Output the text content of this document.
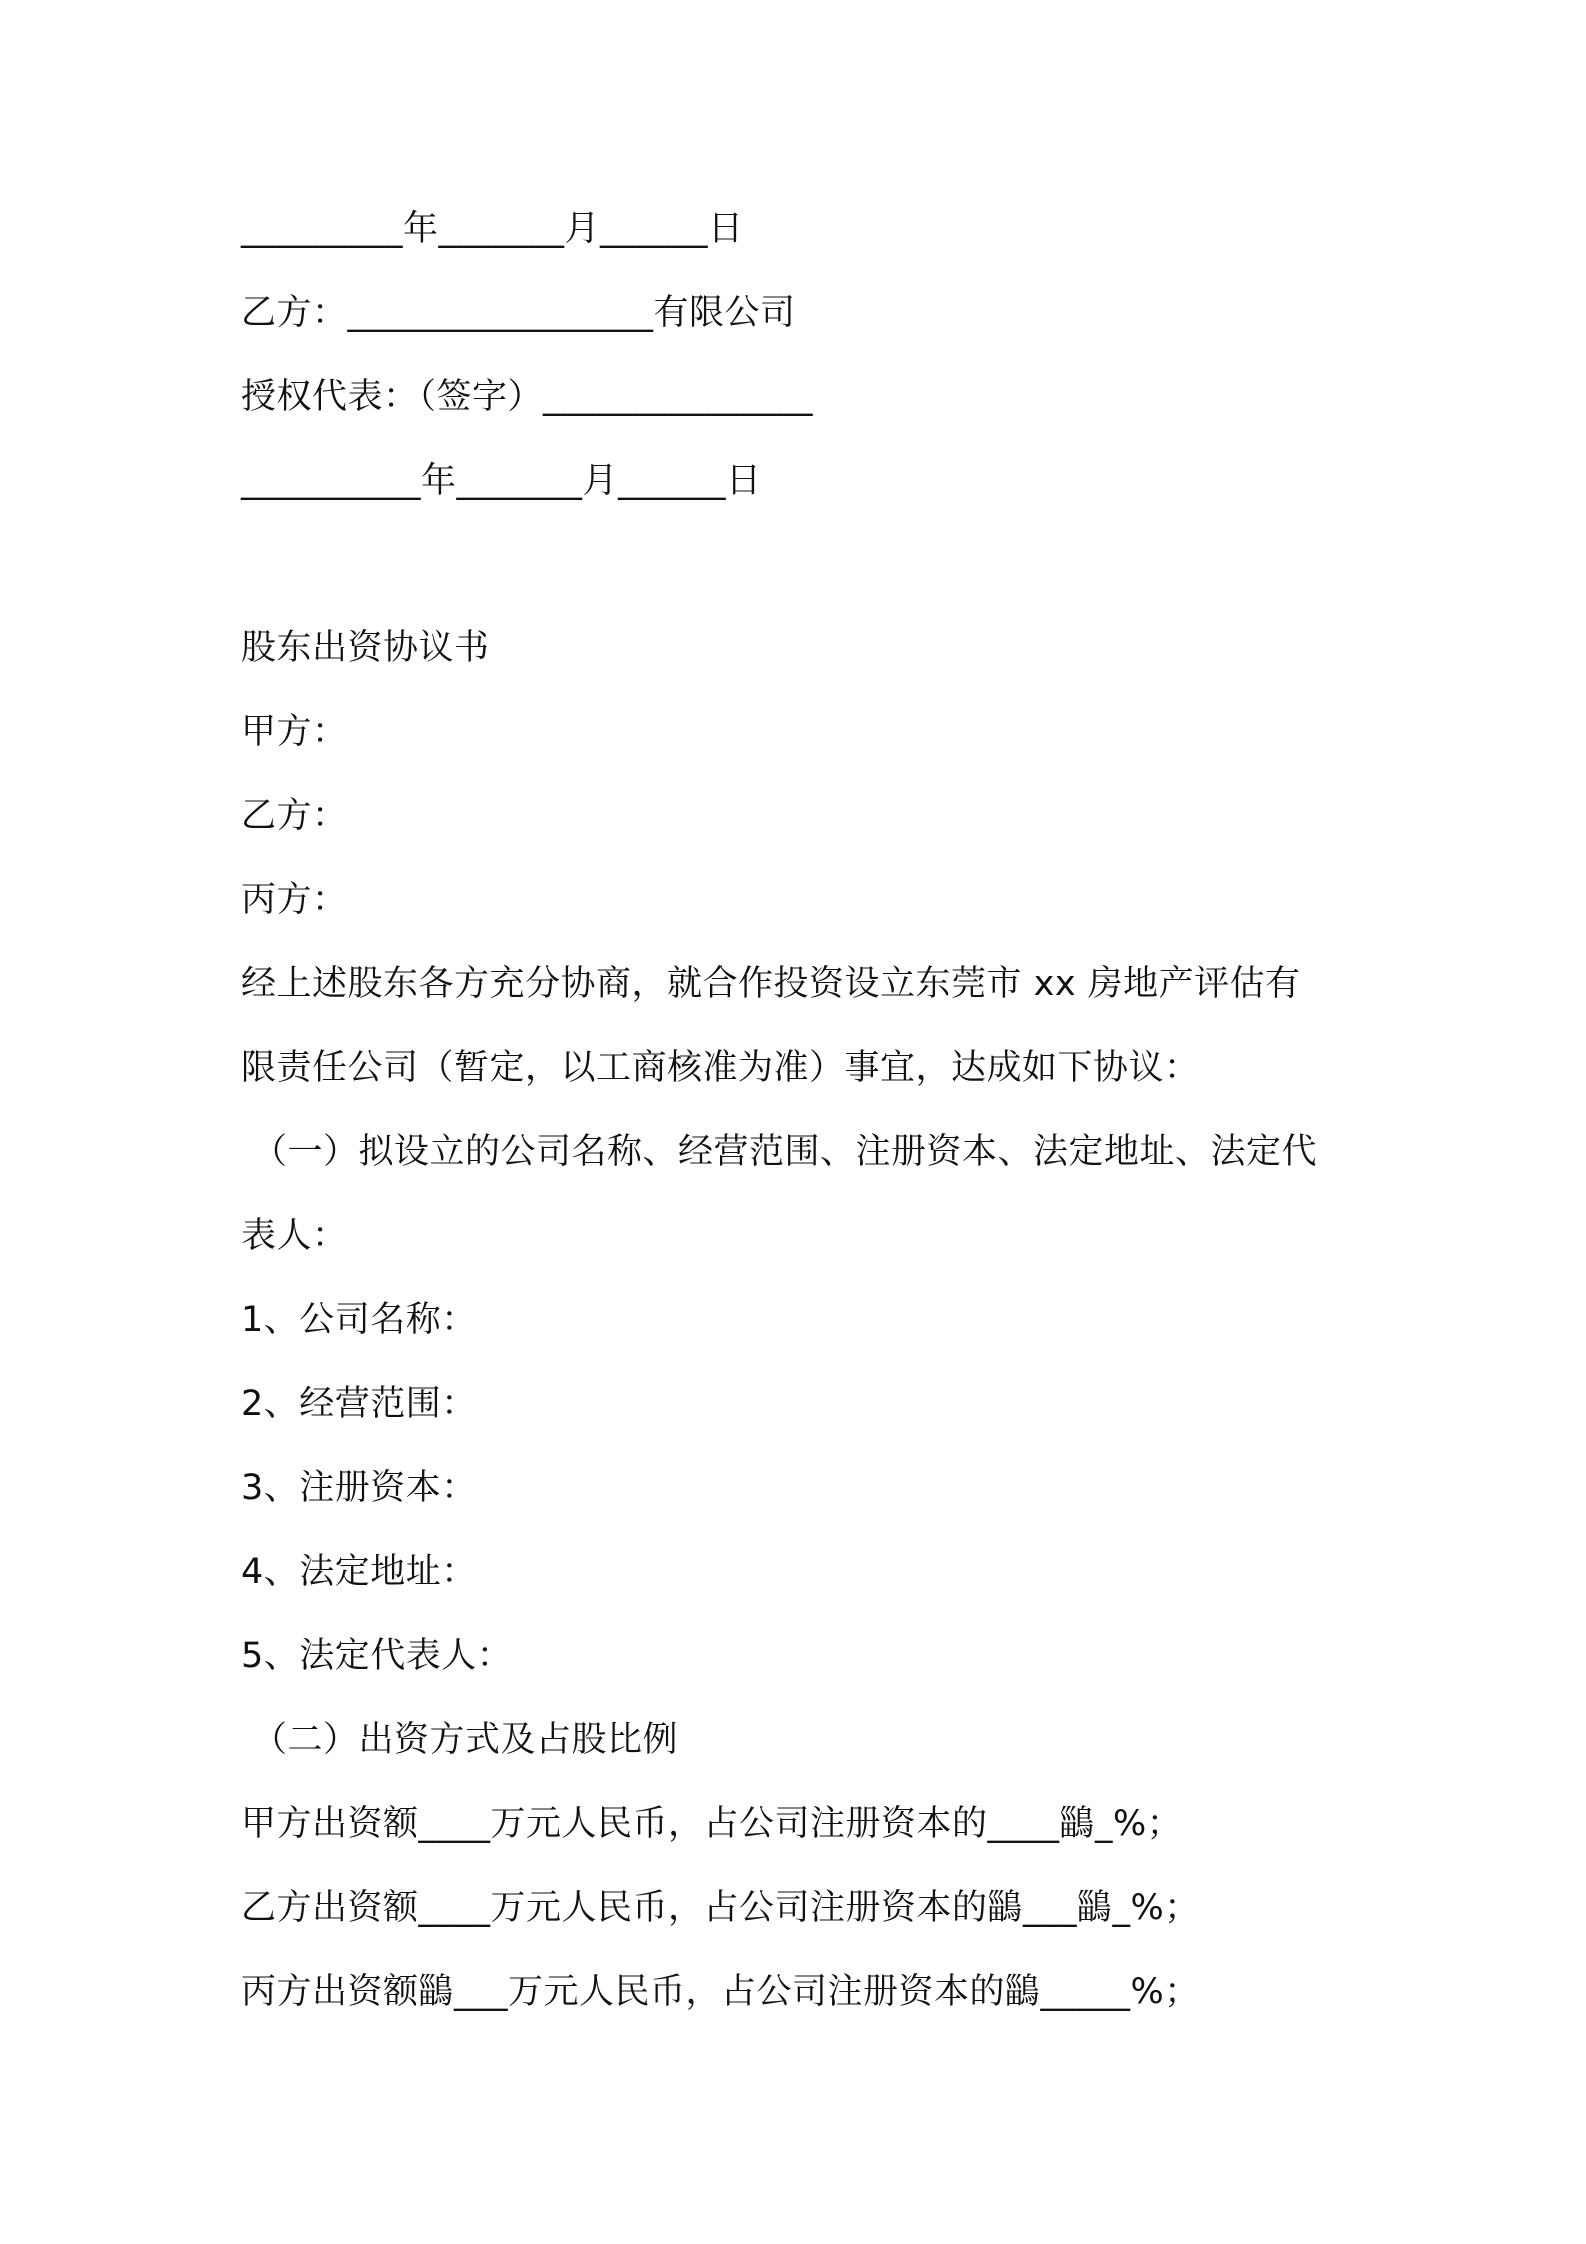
_________年_______月______日
乙方：_________________有限公司
授权代表：（签字）_______________
__________年_______月______日
股东出资协议书
甲方：
乙方：
丙方：
经上述股东各方充分协商，就合作投资设立东莞市 xx 房地产评估有
限责任公司（暂定，以工商核准为准）事宜，达成如下协议：
（一）拟设立的公司名称、经营范围、注册资本、法定地址、法定代
表人：
1、公司名称：
2、经营范围：
3、注册资本：
4、法定地址：
5、法定代表人：
（二）出资方式及占股比例
甲方出资额____万元人民币，占公司注册资本的____鶅_%；
乙方出资额____万元人民币，占公司注册资本的鶅___鶅_%；
丙方出资额鶅___万元人民币，占公司注册资本的鶅_____%；
